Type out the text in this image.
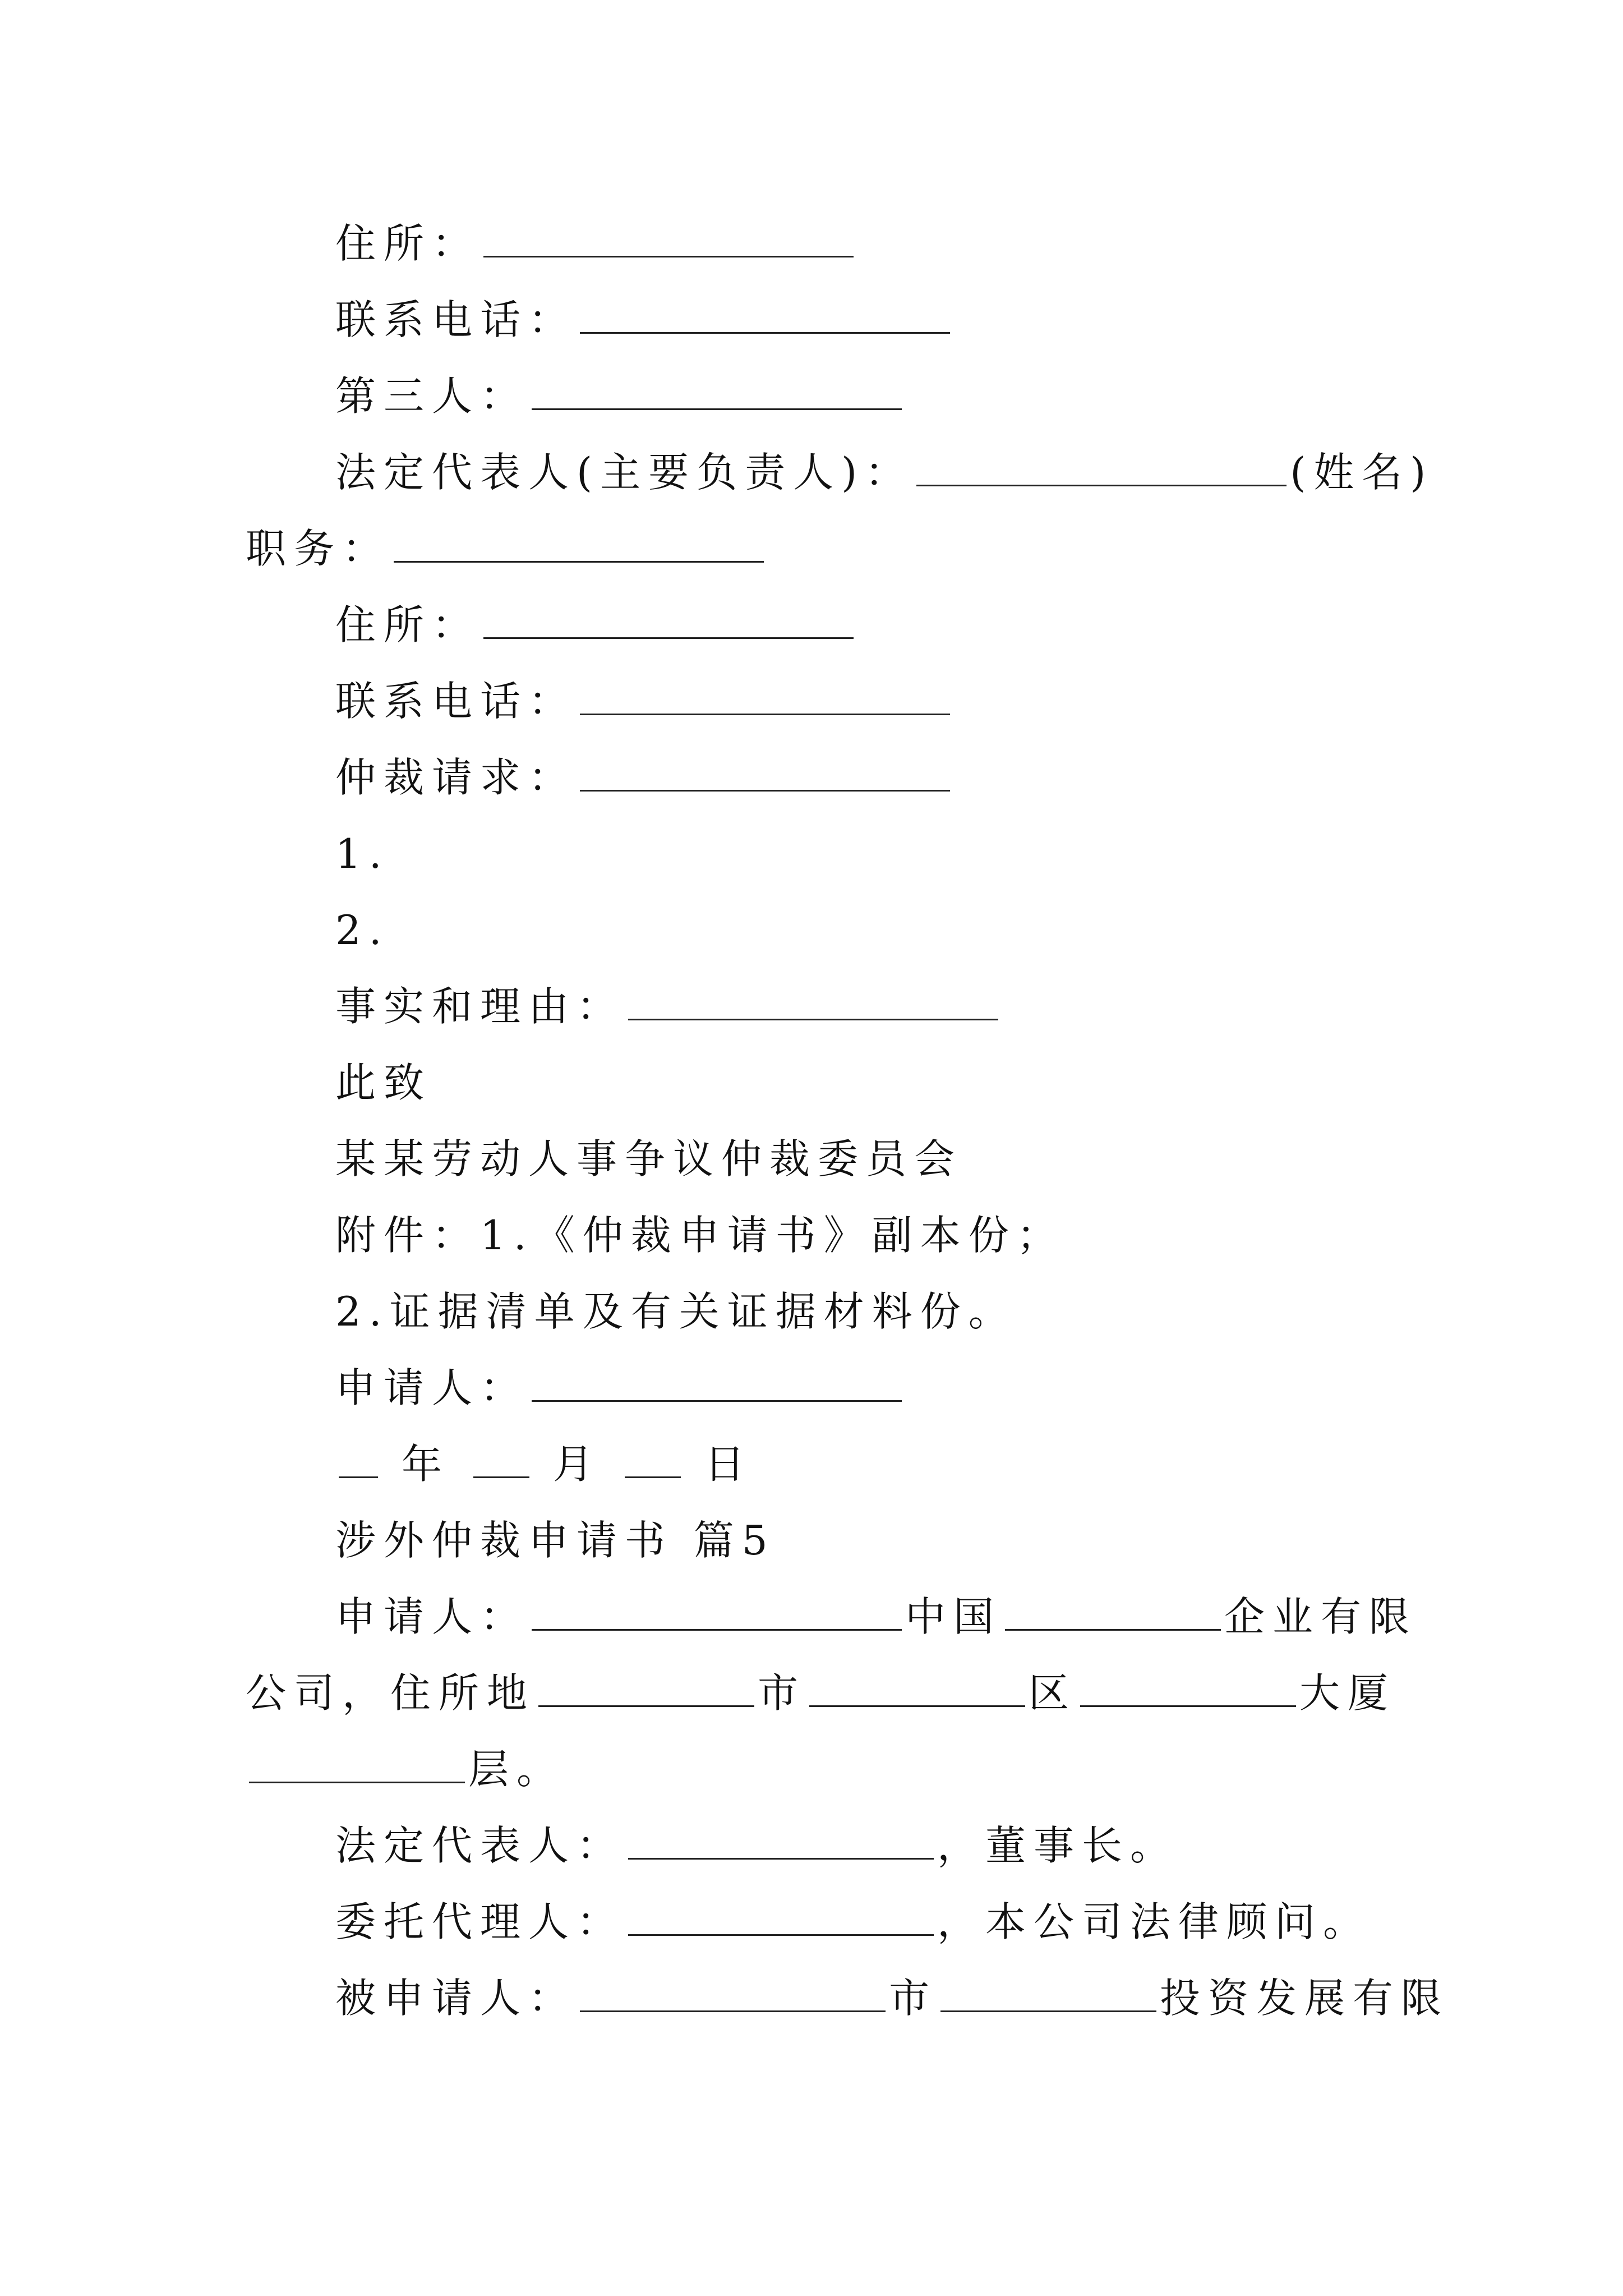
住所：
联系电话：
第三人：
法定代表人(主要负责人)：	(姓名)
职务：
住所：
联系电话：
仲裁请求：
1.
2.
事实和理由：
此致
某某劳动人事争议仲裁委员会
附件：1.《仲裁申请书》副本份；
2.证据清单及有关证据材料份。
申请人：
年	月	日
涉外仲裁申请书 篇5
申请人：	中国	企业有限
公司，住所地	市	区	大厦
层。
法定代表人：	，董事长。
委托代理人：	，本公司法律顾问。
被申请人：	市	投资发展有限
